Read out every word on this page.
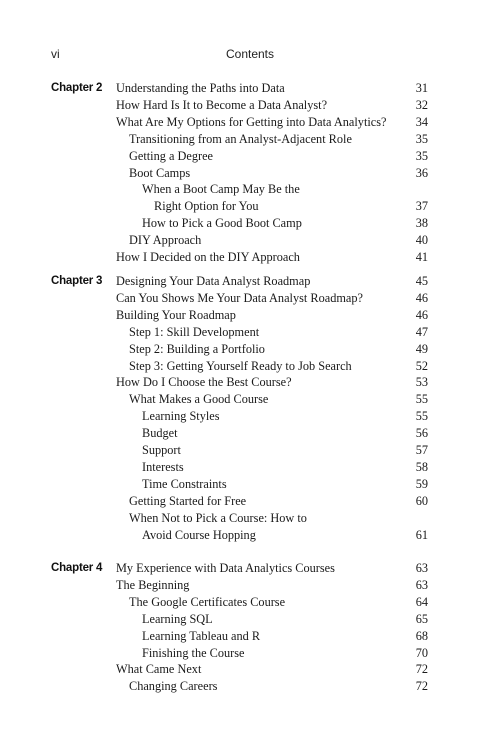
vi	Contents
Chapter 2 Understanding the Paths into Data	31
How Hard Is It to Become a Data Analyst?	32
What Are My Options for Getting into Data Analytics?	34
Transitioning from an Analyst-Adjacent Role	35
Getting a Degree	35
Boot Camps	36
When a Boot Camp May Be the
Right Option for You	37
How to Pick a Good Boot Camp	38
DIY Approach	40
How I Decided on the DIY Approach	41
Chapter 3 Designing Your Data Analyst Roadmap	45
Can You Shows Me Your Data Analyst Roadmap?	46
Building Your Roadmap	46
Step 1: Skill Development	47
Step 2: Building a Portfolio	49
Step 3: Getting Yourself Ready to Job Search	52
How Do I Choose the Best Course?	53
What Makes a Good Course	55
Learning Styles	55
Budget	56
Support	57
Interests	58
Time Constraints	59
Getting Started for Free	60
When Not to Pick a Course: How to
Avoid Course Hopping	61
Chapter 4 My Experience with Data Analytics Courses	63
The Beginning	63
The Google Certificates Course	64
Learning SQL	65
Learning Tableau and R	68
Finishing the Course	70
What Came Next	72
Changing Careers	72
